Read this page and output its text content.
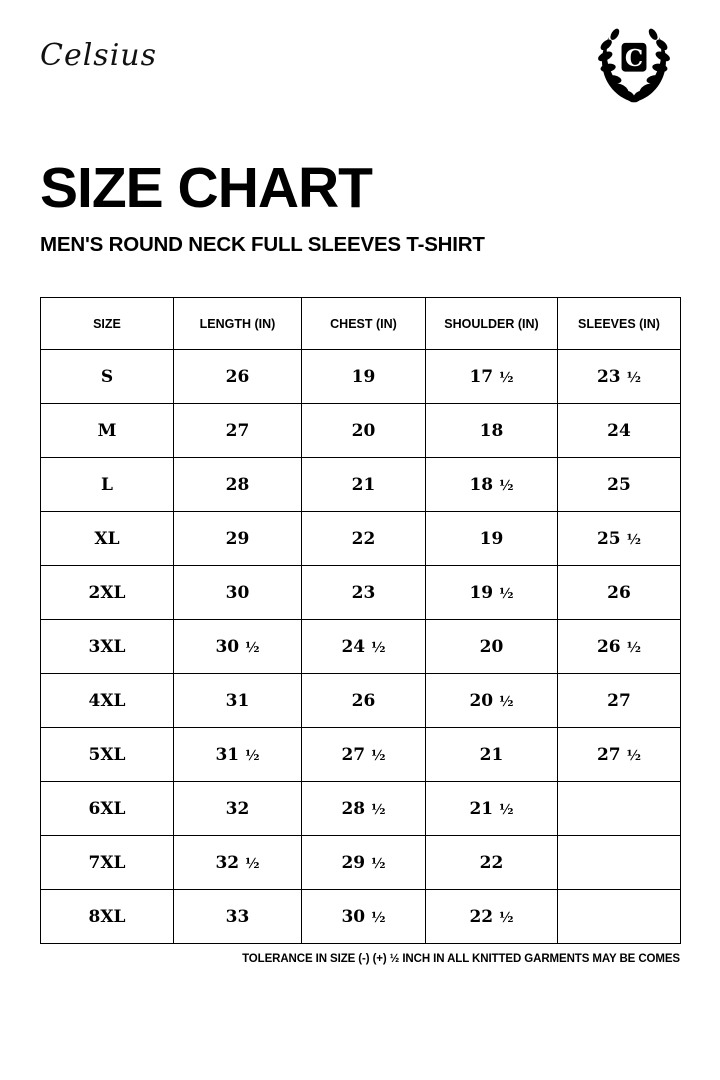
Celsius	C
SIZE CHART
MEN'S ROUND NECK FULL SLEEVES T-SHIRT
SIZE	LENGTH (IN)	CHEST (IN)	SHOULDER (IN)	SLEEVES (IN)
S	26	19	17 ½	23 ½
M	27	20	18	24
L	28	21	18 ½	25
XL	29	22	19	25 ½
2XL	30	23	19 ½	26
3XL	30 ½	24 ½	20	26 ½
4XL	31	26	20 ½	27
5XL	31 ½	27 ½	21	27 ½
6XL	32	28 ½	21 ½	
7XL	32 ½	29 ½	22	
8XL	33	30 ½	22 ½	
TOLERANCE IN SIZE (-) (+) ½ INCH IN ALL KNITTED GARMENTS MAY BE COMES
